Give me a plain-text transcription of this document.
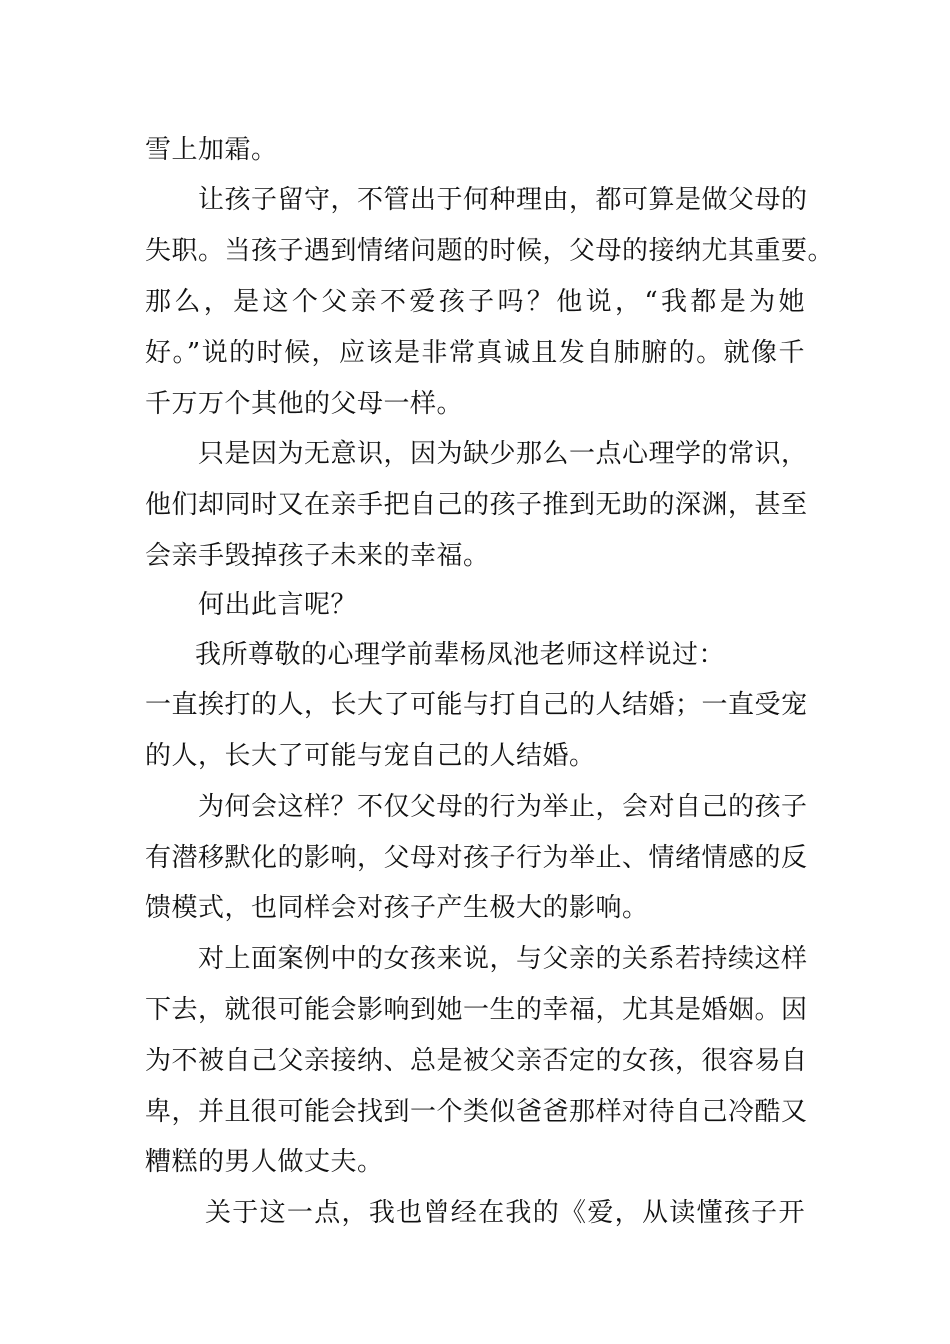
雪上加霜。
让孩子留守，不管出于何种理由，都可算是做父母的
失职。当孩子遇到情绪问题的时候，父母的接纳尤其重要。
那么，是这个父亲不爱孩子吗？他说，“我都是为她
好。”说的时候，应该是非常真诚且发自肺腑的。就像千
千万万个其他的父母一样。
只是因为无意识，因为缺少那么一点心理学的常识，
他们却同时又在亲手把自己的孩子推到无助的深渊，甚至
会亲手毁掉孩子未来的幸福。
何出此言呢？
我所尊敬的心理学前辈杨凤池老师这样说过：
一直挨打的人，长大了可能与打自己的人结婚；一直受宠
的人，长大了可能与宠自己的人结婚。
为何会这样？不仅父母的行为举止，会对自己的孩子
有潜移默化的影响，父母对孩子行为举止、情绪情感的反
馈模式，也同样会对孩子产生极大的影响。
对上面案例中的女孩来说，与父亲的关系若持续这样
下去，就很可能会影响到她一生的幸福，尤其是婚姻。因
为不被自己父亲接纳、总是被父亲否定的女孩，很容易自
卑，并且很可能会找到一个类似爸爸那样对待自己冷酷又
糟糕的男人做丈夫。
关于这一点，我也曾经在我的《爱，从读懂孩子开
